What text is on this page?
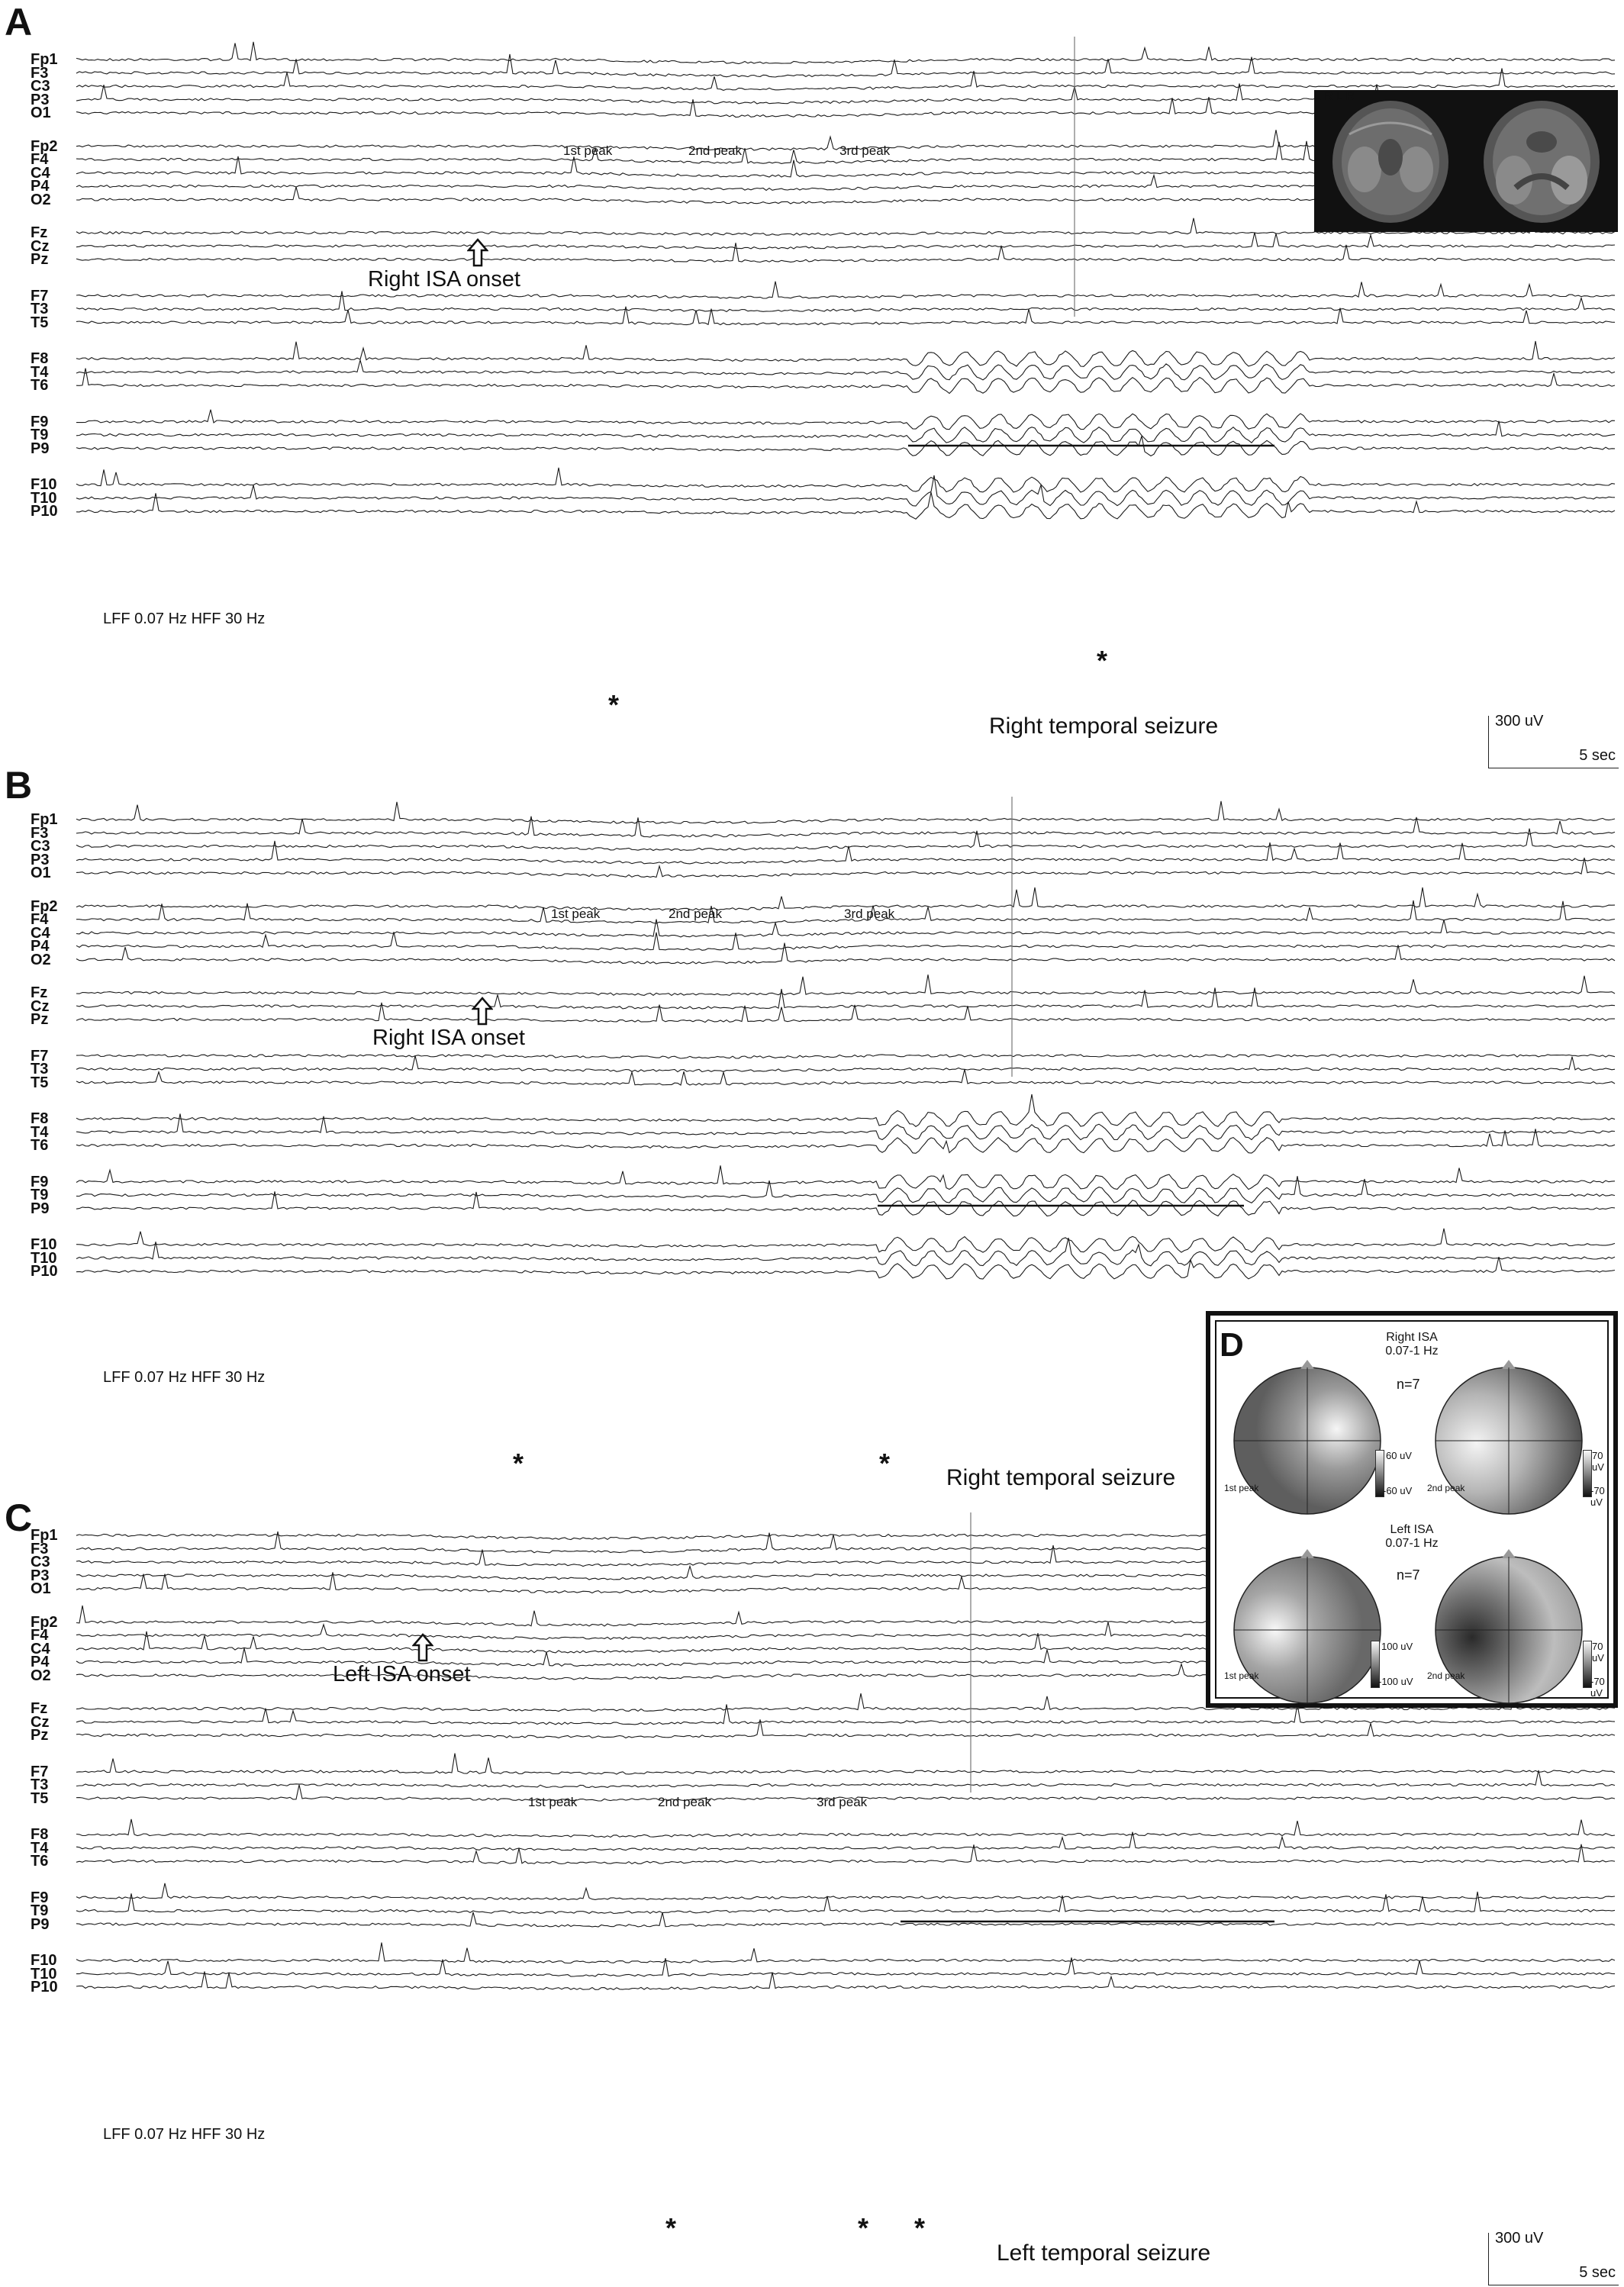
A
Fp1
F3
C3
P3
O1
Fp2
F4
C4
P4
O2
Fz
Cz
Pz
F7
T3
T5
F8
T4
T6
F9
T9
P9
F10
T10
P10
1st peak	2nd peak	3rd peak
Right ISA onset
LFF 0.07 Hz HFF 30 Hz
*
*
Right temporal seizure	300 uV
5 sec
L R L R
B
Fp1
F3
C3
P3
O1
Fp2
F4
C4
P4
O2
Fz
Cz
Pz
F7
T3
T5
F8
T4
T6
F9
T9
P9
F10
T10
P10
1st peak	2nd peak	3rd peak
Right ISA onset
LFF 0.07 Hz HFF 30 Hz
*	* Right temporal seizure
C
Fp1
F3
C3
P3
O1
Fp2
F4
C4
P4
O2
Fz
Cz
Pz
F7
T3
T5
F8
T4
T6
F9
T9
P9
F10
T10
P10
1st peak	2nd peak	3rd peak
Left ISA onset
LFF 0.07 Hz HFF 30 Hz
*	* *
Left temporal seizure
300 uV
5 sec
D	Right ISA
0.07-1 Hz
n=7
1st peak
60 uV
-60 uV 2nd peak
70 uV
-70 uV
Left ISA
0.07-1 Hz
n=7
1st peak
100 uV
-100 uV 2nd peak
70 uV
-70 uV
